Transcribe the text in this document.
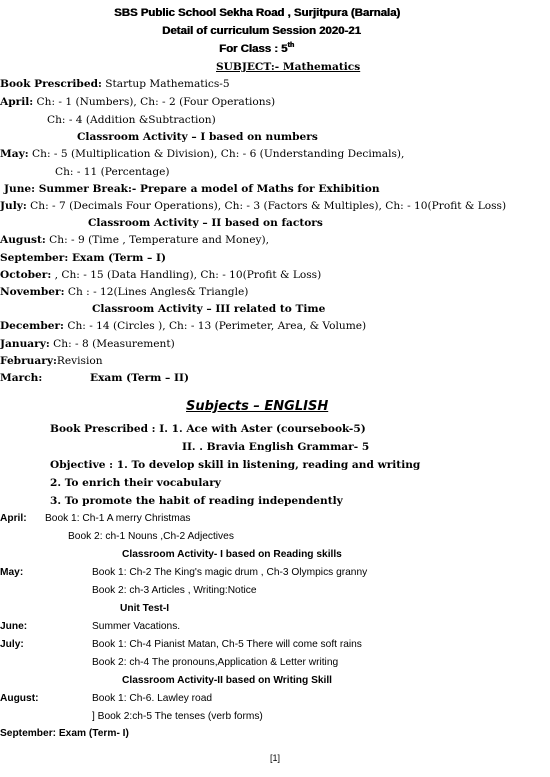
SBS Public School Sekha Road , Surjitpura (Barnala)
Detail of curriculum Session 2020-21
For Class : 5th
SUBJECT:- Mathematics
Book Prescribed: Startup Mathematics-5
April: Ch: - 1 (Numbers), Ch: - 2 (Four Operations)
Ch: - 4 (Addition &Subtraction)
Classroom Activity – I based on numbers
May: Ch: - 5 (Multiplication & Division), Ch: - 6 (Understanding Decimals),
Ch: - 11 (Percentage)
June: Summer Break:- Prepare a model of Maths for Exhibition
July: Ch: - 7 (Decimals Four Operations), Ch: - 3 (Factors & Multiples), Ch: - 10(Profit & Loss)
Classroom Activity – II based on factors
August: Ch: - 9 (Time , Temperature and Money),
September: Exam (Term – I)
October: , Ch: - 15 (Data Handling), Ch: - 10(Profit & Loss)
November: Ch : - 12(Lines Angles& Triangle)
Classroom Activity – III related to Time
December: Ch: - 14 (Circles ), Ch: - 13 (Perimeter, Area, & Volume)
January: Ch: - 8 (Measurement)
February:Revision
March:	Exam (Term – II)
Subjects – ENGLISH
Book Prescribed : I. 1. Ace with Aster (coursebook-5)
II. . Bravia English Grammar- 5
Objective : 1. To develop skill in listening, reading and writing
2. To enrich their vocabulary
3. To promote the habit of reading independently
April: Book 1: Ch-1 A merry Christmas
Book 2: ch-1 Nouns ,Ch-2 Adjectives
Classroom Activity- I based on Reading skills
May:	Book 1: Ch-2 The King's magic drum , Ch-3 Olympics granny
Book 2: ch-3 Articles , Writing:Notice
Unit Test-I
June:	Summer Vacations.
July:	Book 1: Ch-4 Pianist Matan, Ch-5 There will come soft rains
Book 2: ch-4 The pronouns,Application & Letter writing
Classroom Activity-II based on Writing Skill
August:	Book 1: Ch-6. Lawley road
] Book 2:ch-5 The tenses (verb forms)
September: Exam (Term- I)
[1]
